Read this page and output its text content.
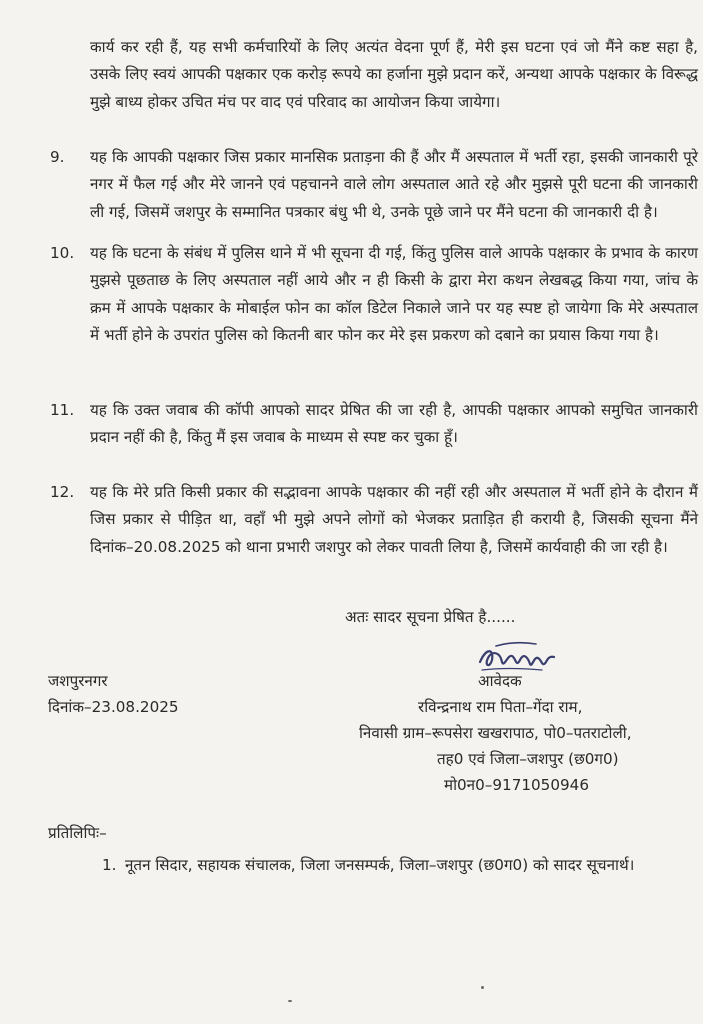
कार्य कर रही हैं, यह सभी कर्मचारियों के लिए अत्यंत वेदना पूर्ण हैं, मेरी इस घटना एवं जो मैंने कष्ट सहा है, उसके लिए स्वयं आपकी पक्षकार एक करोड़ रूपये का हर्जाना मुझे प्रदान करें, अन्यथा आपके पक्षकार के विरूद्ध मुझे बाध्य होकर उचित मंच पर वाद एवं परिवाद का आयोजन किया जायेगा।
9. यह कि आपकी पक्षकार जिस प्रकार मानसिक प्रताड़ना की हैं और मैं अस्पताल में भर्ती रहा, इसकी जानकारी पूरे नगर में फैल गई और मेरे जानने एवं पहचानने वाले लोग अस्पताल आते रहे और मुझसे पूरी घटना की जानकारी ली गई, जिसमें जशपुर के सम्मानित पत्रकार बंधु भी थे, उनके पूछे जाने पर मैंने घटना की जानकारी दी है।
10. यह कि घटना के संबंध में पुलिस थाने में भी सूचना दी गई, किंतु पुलिस वाले आपके पक्षकार के प्रभाव के कारण मुझसे पूछताछ के लिए अस्पताल नहीं आये और न ही किसी के द्वारा मेरा कथन लेखबद्ध किया गया, जांच के क्रम में आपके पक्षकार के मोबाईल फोन का कॉल डिटेल निकाले जाने पर यह स्पष्ट हो जायेगा कि मेरे अस्पताल में भर्ती होने के उपरांत पुलिस को कितनी बार फोन कर मेरे इस प्रकरण को दबाने का प्रयास किया गया है।
11. यह कि उक्त जवाब की कॉपी आपको सादर प्रेषित की जा रही है, आपकी पक्षकार आपको समुचित जानकारी प्रदान नहीं की है, किंतु मैं इस जवाब के माध्यम से स्पष्ट कर चुका हूँ।
12. यह कि मेरे प्रति किसी प्रकार की सद्भावना आपके पक्षकार की नहीं रही और अस्पताल में भर्ती होने के दौरान मैं जिस प्रकार से पीड़ित था, वहाँ भी मुझे अपने लोगों को भेजकर प्रताड़ित ही करायी है, जिसकी सूचना मैंने दिनांक–20.08.2025 को थाना प्रभारी जशपुर को लेकर पावती लिया है, जिसमें कार्यवाही की जा रही है।
अतः सादर सूचना प्रेषित है......
जशपुरनगर
दिनांक–23.08.2025
आवेदक
रविन्द्रनाथ राम पिता–गेंदा राम,
निवासी ग्राम–रूपसेरा खखरापाठ, पो0–पतराटोली,
तह0 एवं जिला–जशपुर (छ0ग0)
मो0न0–9171050946
प्रतिलिपिः–
1. नूतन सिदार, सहायक संचालक, जिला जनसम्पर्क, जिला–जशपुर (छ0ग0) को सादर सूचनार्थ।
